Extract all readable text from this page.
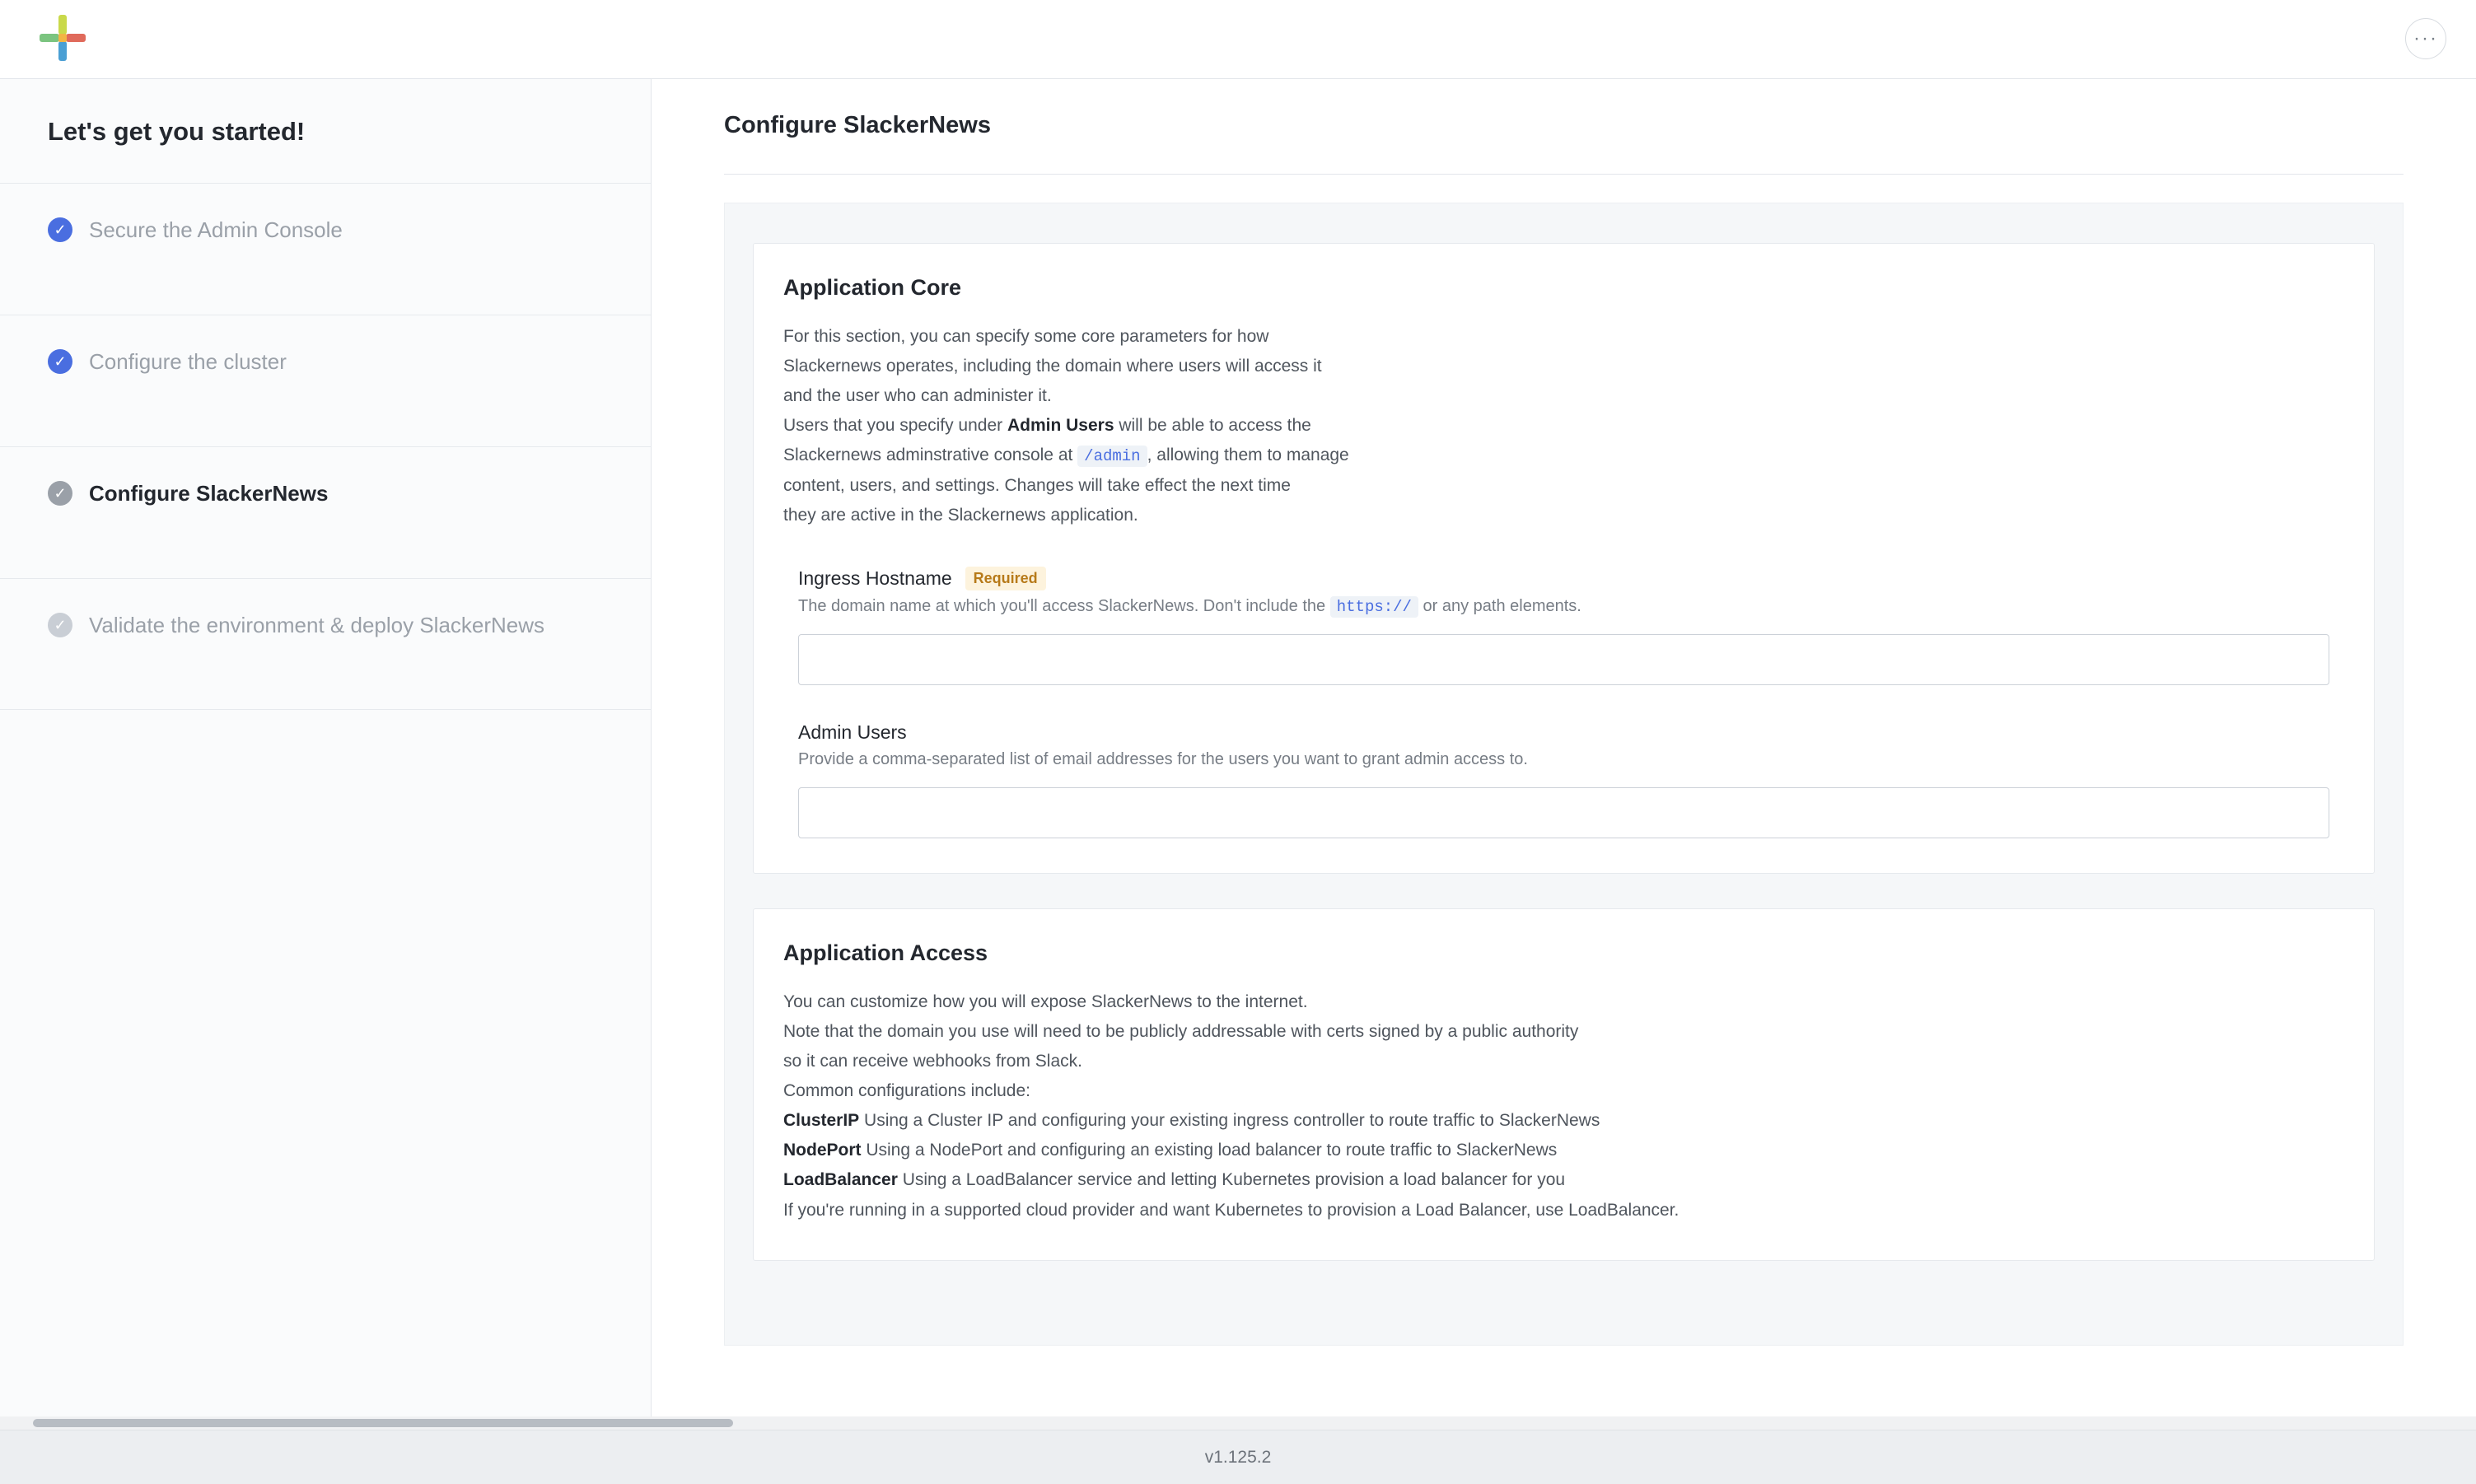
···
Let's get you started!
✓ Secure the Admin Console
✓ Configure the cluster
✓ Configure SlackerNews
✓ Validate the environment & deploy SlackerNews
Configure SlackerNews
Application Core
For this section, you can specify some core parameters for how
Slackernews operates, including the domain where users will access it
and the user who can administer it.
Users that you specify under Admin Users will be able to access the
Slackernews adminstrative console at /admin , allowing them to manage
content, users, and settings. Changes will take effect the next time
they are active in the Slackernews application.
Ingress Hostname	Required
The domain name at which you'll access SlackerNews. Don't include the https:// or any path elements.
Admin Users
Provide a comma-separated list of email addresses for the users you want to grant admin access to.
Application Access
You can customize how you will expose SlackerNews to the internet.
Note that the domain you use will need to be publicly addressable with certs signed by a public authority
so it can receive webhooks from Slack.
Common configurations include:
ClusterIP Using a Cluster IP and configuring your existing ingress controller to route traffic to SlackerNews
NodePort Using a NodePort and configuring an existing load balancer to route traffic to SlackerNews
LoadBalancer Using a LoadBalancer service and letting Kubernetes provision a load balancer for you
If you're running in a supported cloud provider and want Kubernetes to provision a Load Balancer, use LoadBalancer.
v1.125.2
